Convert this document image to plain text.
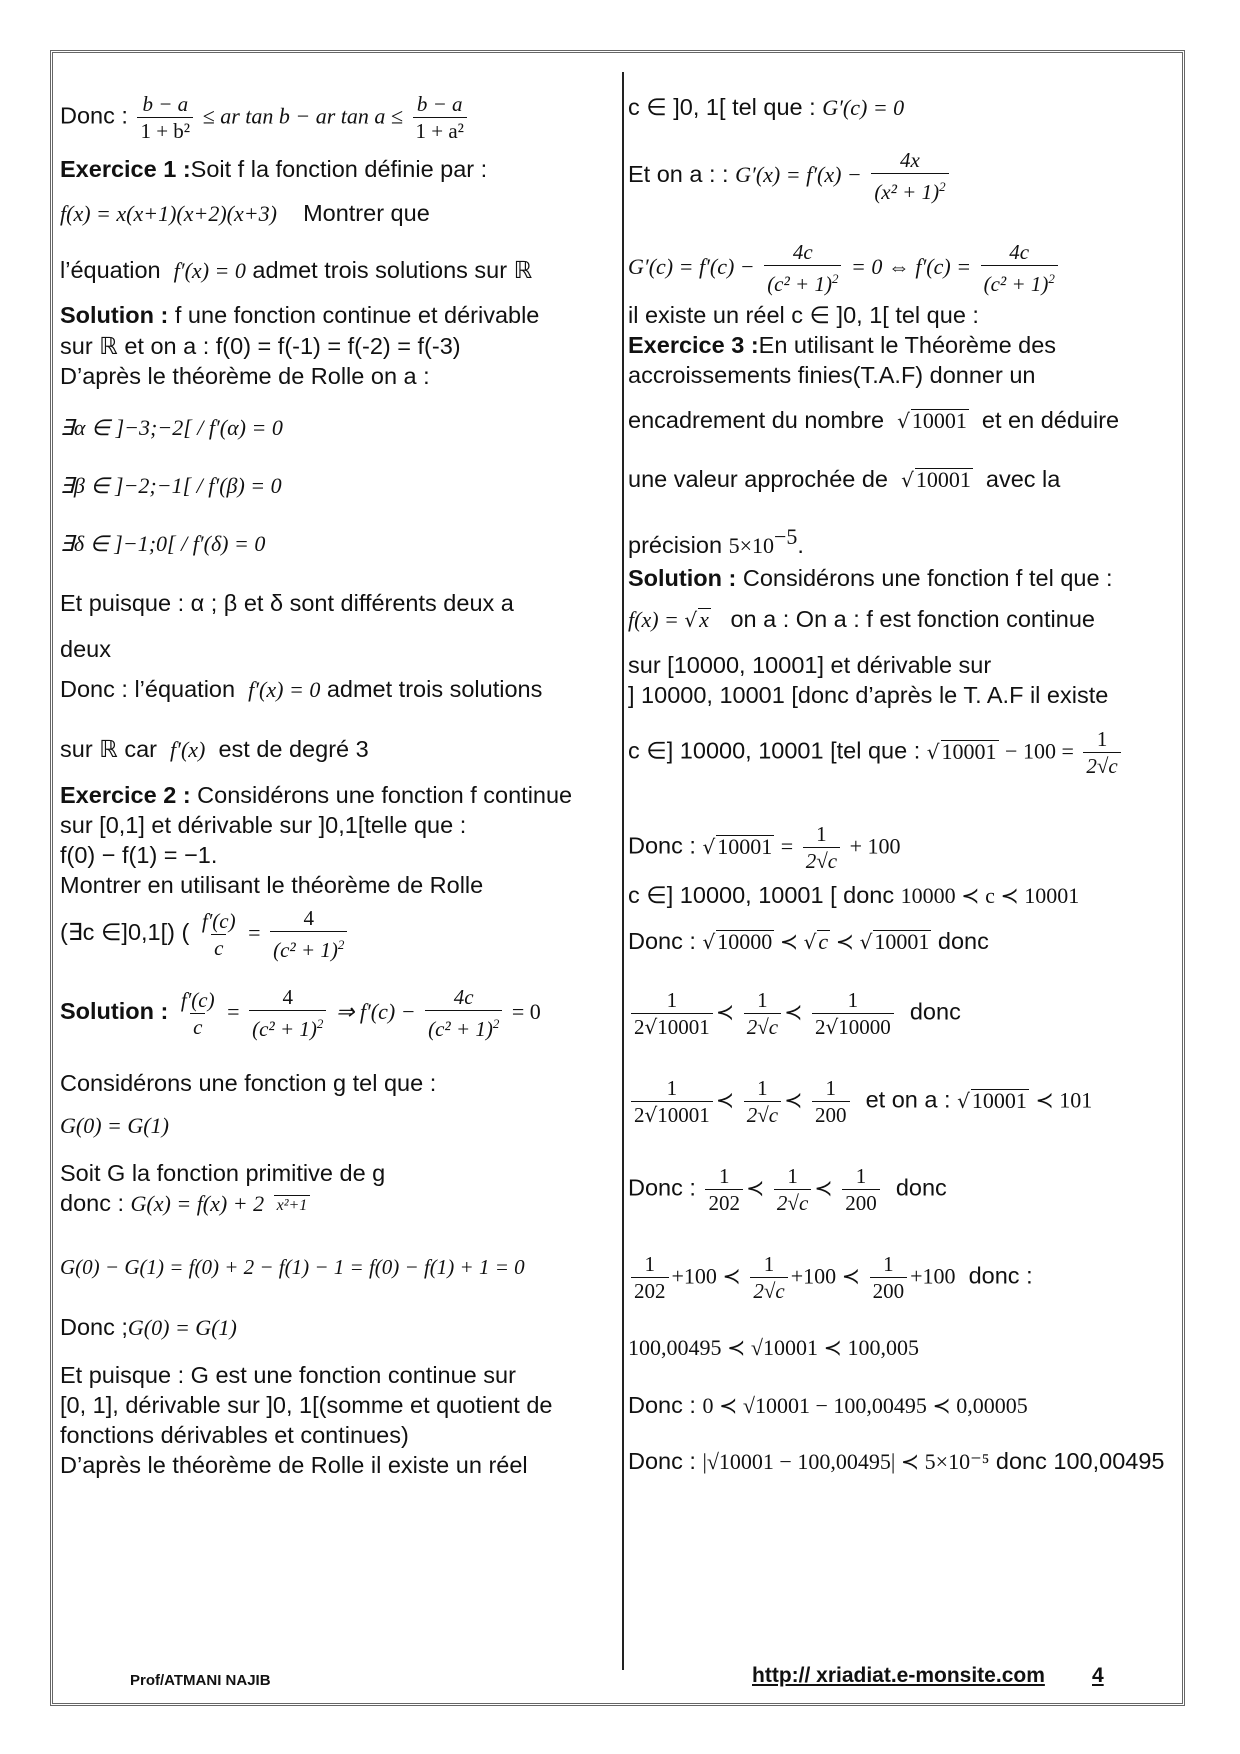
Donc : $\frac{b - a}{\text{1 + b²}}$ ≤ ar tan b − ar $\tan a \le \frac{b - a}{\text{1 + a²}}$
Exercice 1 :Soit f la fonction définie par :
f(x) = x(x+1)(x+2)(x+3) Montrer que
l’équation f′(x) = 0 admet trois solutions sur ℝ
Solution : f une fonction continue et dérivable
sur ℝ et on a : f(0) = f(-1) = f(-2) = f(-3)
D’après le théorème de Rolle on a :
∃α ∈ ]−3;−2[ / f′(α) = 0
∃β ∈ ]−2;−1[ / f′(β) = 0
∃δ ∈ ]−1;0[ / f′(δ) = 0
Et puisque : α ; β et δ sont différents deux a
deux
Donc : l’équation f′(x) = 0 admet trois solutions
sur ℝ car f′(x) est de degré 3
Exercice 2 : Considérons une fonction f continue
sur [0,1] et dérivable sur ]0,1[telle que :
f(0) − f(1) = −1.
Montrer en utilisant le théorème de Rolle
(∃c ∈]0,1[) ( $\frac{f'(c)}{c} = \frac{4}{(c^2 + 1)^2}$
Solution : $\frac{f'(c)}{c} = \frac{4}{(c^2 + 1)^2}$ ⇒ $f'(c) - \frac{4c}{(c^2 + 1)^2} = 0$
Considérons une fonction g tel que :
G(0) = G(1)
Soit G la fonction primitive de g
donc : G(x) = f(x) + 2 x²+1
G(0) − G(1) = f(0) + 2 − f(1) − 1 = f(0) − f(1) + 1 = 0
Donc ;G(0) = G(1)
Et puisque : G est une fonction continue sur
[0, 1], dérivable sur ]0, 1[(somme et quotient de
fonctions dérivables et continues)
D’après le théorème de Rolle il existe un réel
c ∈ ]0, 1[ tel que : G′(c) = 0
Et on a : : $G'(x) = f'(x) - \frac{4x}{(x^2 + 1)^2}$
$G'(c) = f'(c) - \frac{4c}{(c^2 + 1)^2} = 0$ ⇔ $f'(c) = \frac{4c}{(c^2 + 1)^2}$
il existe un réel c ∈ ]0, 1[ tel que :
Exercice 3 :En utilisant le Théorème des
accroissements finies(T.A.F) donner un
encadrement du nombre √ 10001 et en déduire
une valeur approchée de √ 10001 avec la
précision $5\times 10^{-5}$.
Solution : Considérons une fonction f tel que :
f(x) = √ x on a : On a : f est fonction continue
sur [10000, 10001] et dérivable sur
] 10000, 10001 [donc d’après le T. A.F il existe
c ∈] 10000, 10001 [tel que : √ $10001 - 100 = \frac{1}{2√c}$
Donc : √ $10001 = \frac{1}{2√c} + 100$
c ∈] 10000, 10001 [ donc 10000 ≺ c ≺ 10001
Donc : √ 10000 ≺ √ c ≺ √ 10001 donc
$\frac{1}{2 √ 10001}$ ≺ $\frac{1}{2√c}$ ≺ $\frac{1}{2 √ 10000}$ donc
$\frac{1}{2 √ 10001}$ ≺ $\frac{1}{2√c}$ ≺ $\frac{1}{200}$ et on a : √ 10001 ≺ 101
Donc : $\frac{1}{202}$ ≺ $\frac{1}{2√c}$ ≺ $\frac{1}{200}$ donc
$\frac{1}{202} +100$ ≺ $\frac{1}{2√c} +100$ ≺ $\frac{1}{200} +100$ donc :
100,00495 ≺ √10001 ≺ 100,005
Donc : 0 ≺ √10001 − 100,00495 ≺ 0,00005
Donc : |√10001 − 100,00495| ≺ 5×10⁻⁵ donc 100,00495
Prof/ATMANI NAJIB	http:// xriadiat.e-monsite.com 4
